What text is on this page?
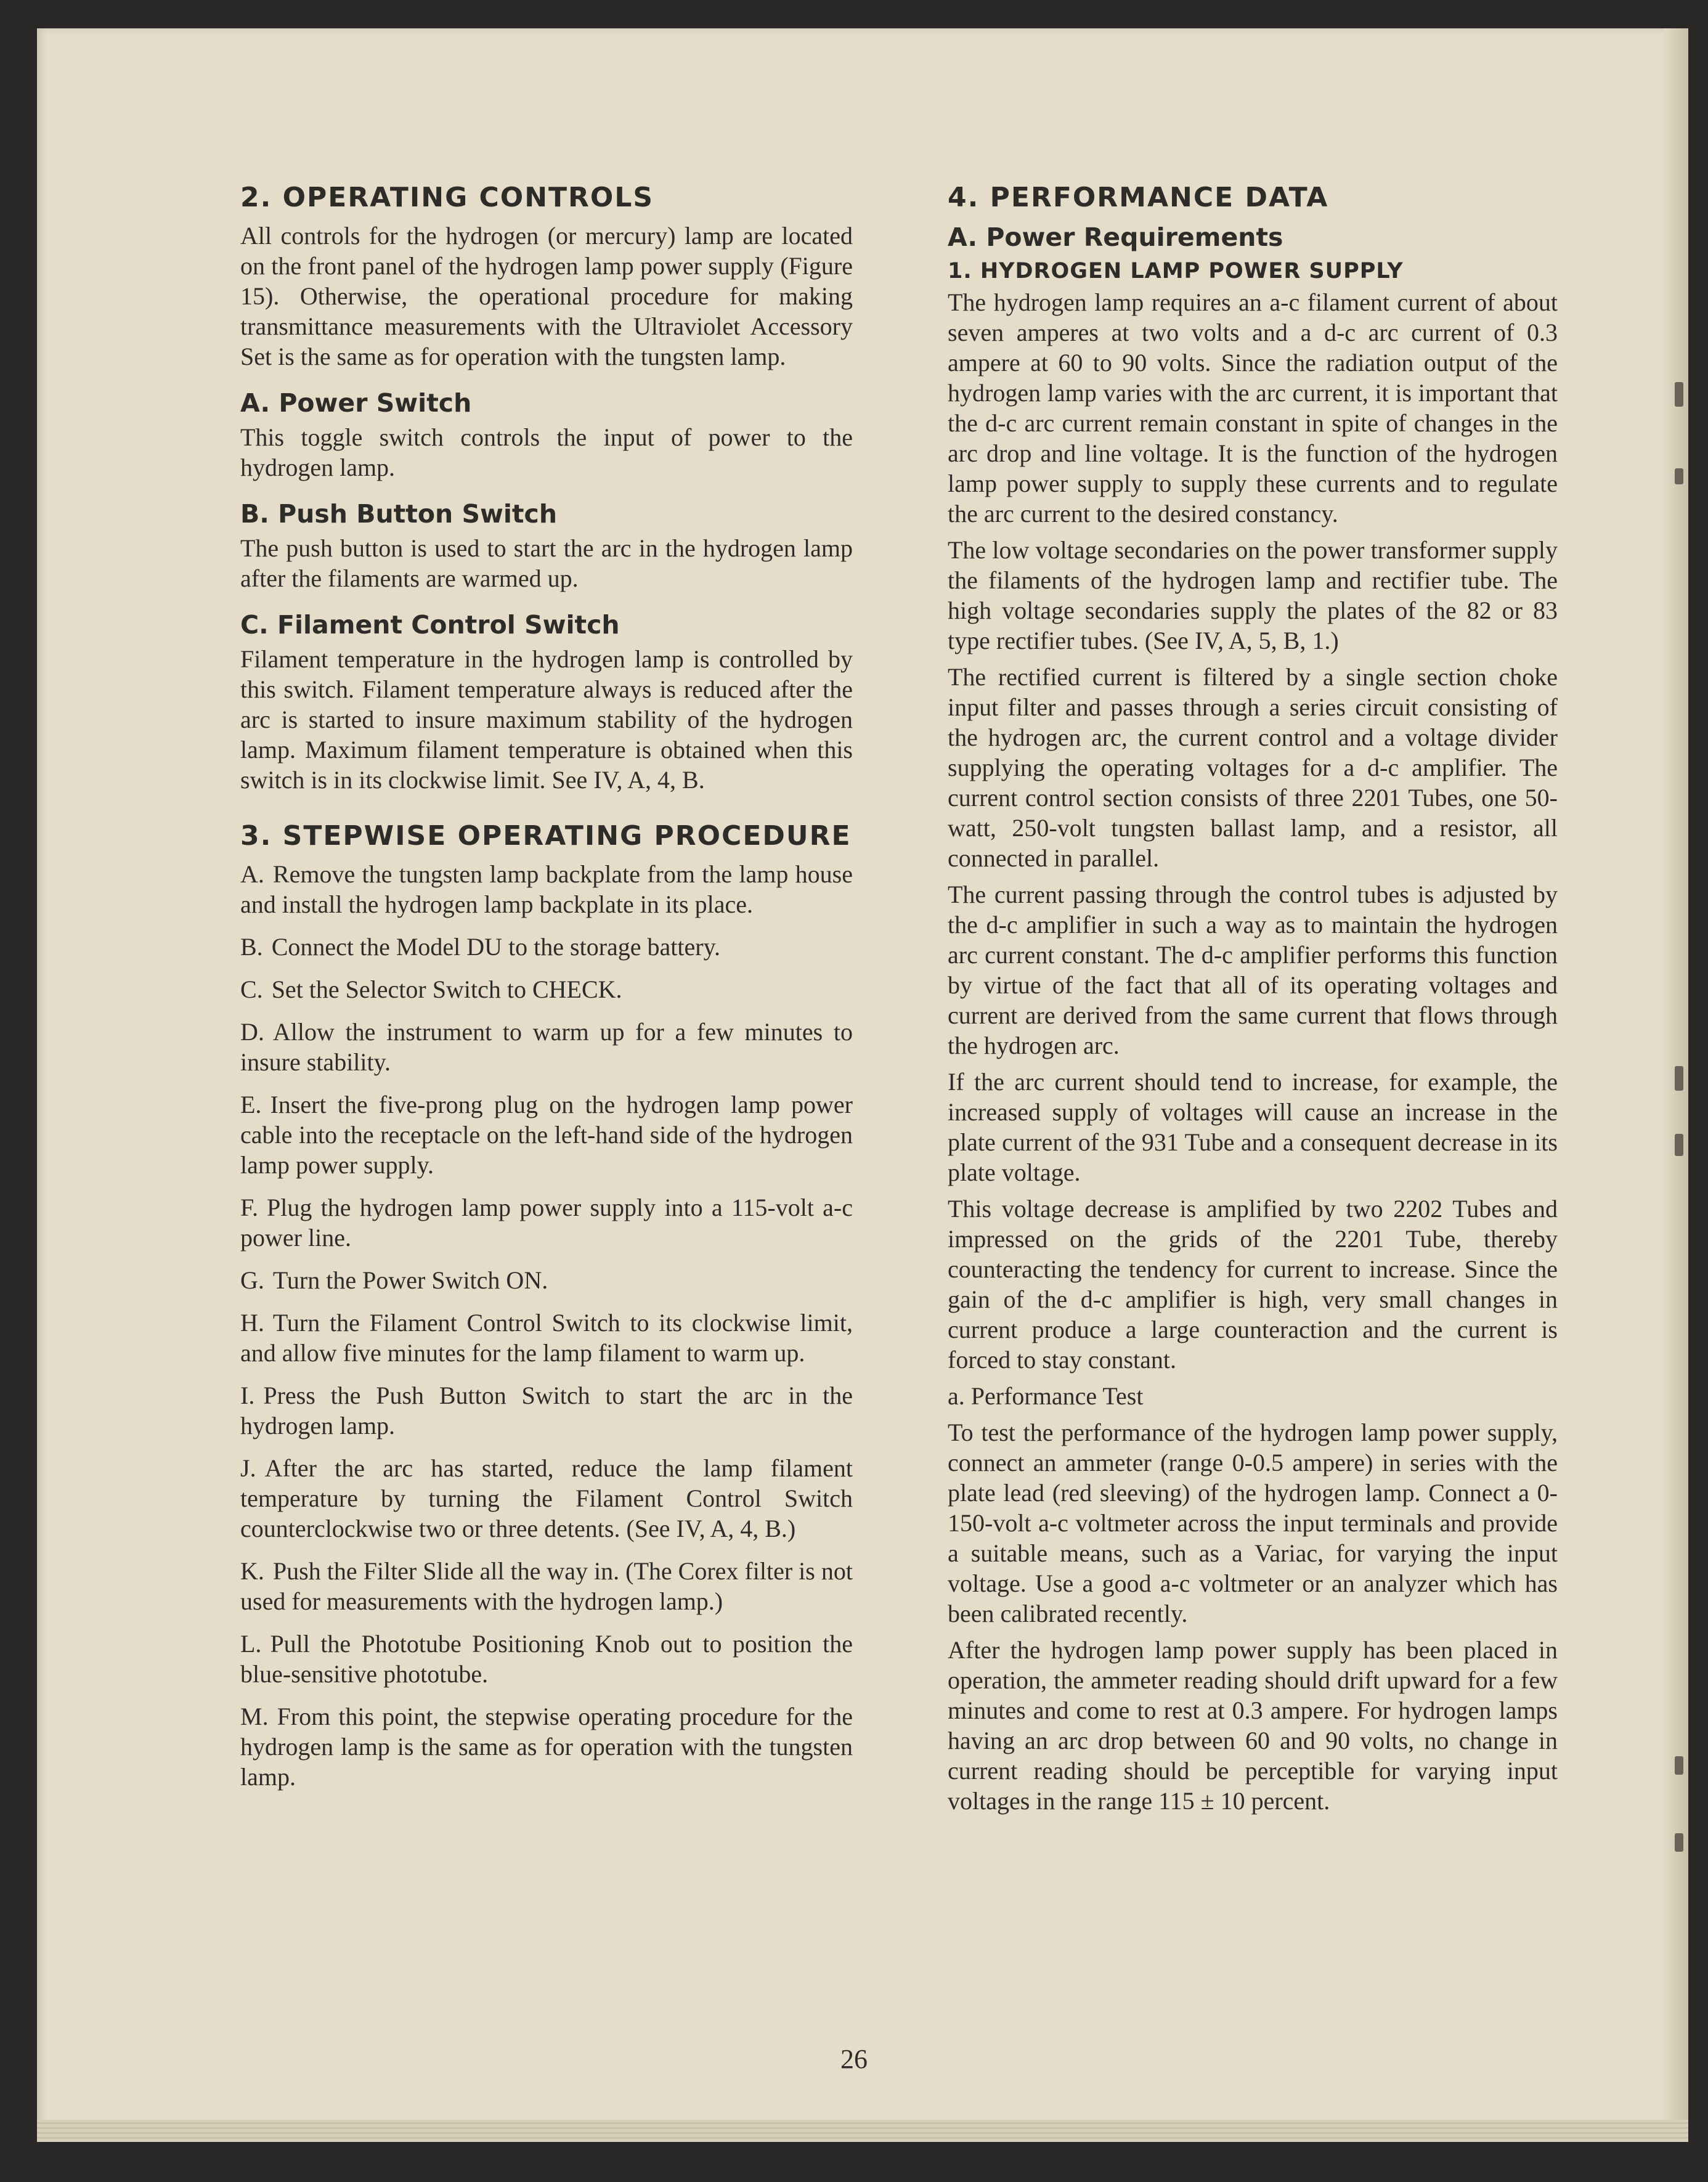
2. OPERATING CONTROLS

All controls for the hydrogen (or mercury) lamp are located on the front panel of the hydrogen lamp power supply (Figure 15). Otherwise, the operational procedure for making transmittance measurements with the Ultraviolet Accessory Set is the same as for operation with the tungsten lamp.

A. Power Switch

This toggle switch controls the input of power to the hydrogen lamp.

B. Push Button Switch

The push button is used to start the arc in the hydrogen lamp after the filaments are warmed up.

C. Filament Control Switch

Filament temperature in the hydrogen lamp is controlled by this switch. Filament temperature always is reduced after the arc is started to insure maximum stability of the hydrogen lamp. Maximum filament temperature is obtained when this switch is in its clockwise limit. See IV, A, 4, B.

3. STEPWISE OPERATING PROCEDURE
A. Remove the tungsten lamp backplate from the lamp house and install the hydrogen lamp backplate in its place.
B. Connect the Model DU to the storage battery.
C. Set the Selector Switch to CHECK.
D. Allow the instrument to warm up for a few minutes to insure stability.
E. Insert the five-prong plug on the hydrogen lamp power cable into the receptacle on the left-hand side of the hydrogen lamp power supply.
F. Plug the hydrogen lamp power supply into a 115-volt a-c power line.
G. Turn the Power Switch ON.
H. Turn the Filament Control Switch to its clockwise limit, and allow five minutes for the lamp filament to warm up.
I. Press the Push Button Switch to start the arc in the hydrogen lamp.
J. After the arc has started, reduce the lamp filament temperature by turning the Filament Control Switch counterclockwise two or three detents. (See IV, A, 4, B.)
K. Push the Filter Slide all the way in. (The Corex filter is not used for measurements with the hydrogen lamp.)
L. Pull the Phototube Positioning Knob out to position the blue-sensitive phototube.
M. From this point, the stepwise operating procedure for the hydrogen lamp is the same as for operation with the tungsten lamp.
4. PERFORMANCE DATA
A. Power Requirements
1. HYDROGEN LAMP POWER SUPPLY

The hydrogen lamp requires an a-c filament current of about seven amperes at two volts and a d-c arc current of 0.3 ampere at 60 to 90 volts. Since the radiation output of the hydrogen lamp varies with the arc current, it is important that the d-c arc current remain constant in spite of changes in the arc drop and line voltage. It is the function of the hydrogen lamp power supply to supply these currents and to regulate the arc current to the desired constancy.

The low voltage secondaries on the power transformer supply the filaments of the hydrogen lamp and rectifier tube. The high voltage secondaries supply the plates of the 82 or 83 type rectifier tubes. (See IV, A, 5, B, 1.)

The rectified current is filtered by a single section choke input filter and passes through a series circuit consisting of the hydrogen arc, the current control and a voltage divider supplying the operating voltages for a d-c amplifier. The current control section consists of three 2201 Tubes, one 50-watt, 250-volt tungsten ballast lamp, and a resistor, all connected in parallel.

The current passing through the control tubes is adjusted by the d-c amplifier in such a way as to maintain the hydrogen arc current constant. The d-c amplifier performs this function by virtue of the fact that all of its operating voltages and current are derived from the same current that flows through the hydrogen arc.

If the arc current should tend to increase, for example, the increased supply of voltages will cause an increase in the plate current of the 931 Tube and a consequent decrease in its plate voltage.

This voltage decrease is amplified by two 2202 Tubes and impressed on the grids of the 2201 Tube, thereby counteracting the tendency for current to increase. Since the gain of the d-c amplifier is high, very small changes in current produce a large counteraction and the current is forced to stay constant.

a. Performance Test

To test the performance of the hydrogen lamp power supply, connect an ammeter (range 0-0.5 ampere) in series with the plate lead (red sleeving) of the hydrogen lamp. Connect a 0-150-volt a-c voltmeter across the input terminals and provide a suitable means, such as a Variac, for varying the input voltage. Use a good a-c voltmeter or an analyzer which has been calibrated recently.

After the hydrogen lamp power supply has been placed in operation, the ammeter reading should drift upward for a few minutes and come to rest at 0.3 ampere. For hydrogen lamps having an arc drop between 60 and 90 volts, no change in current reading should be perceptible for varying input voltages in the range 115 ± 10 percent.

26
